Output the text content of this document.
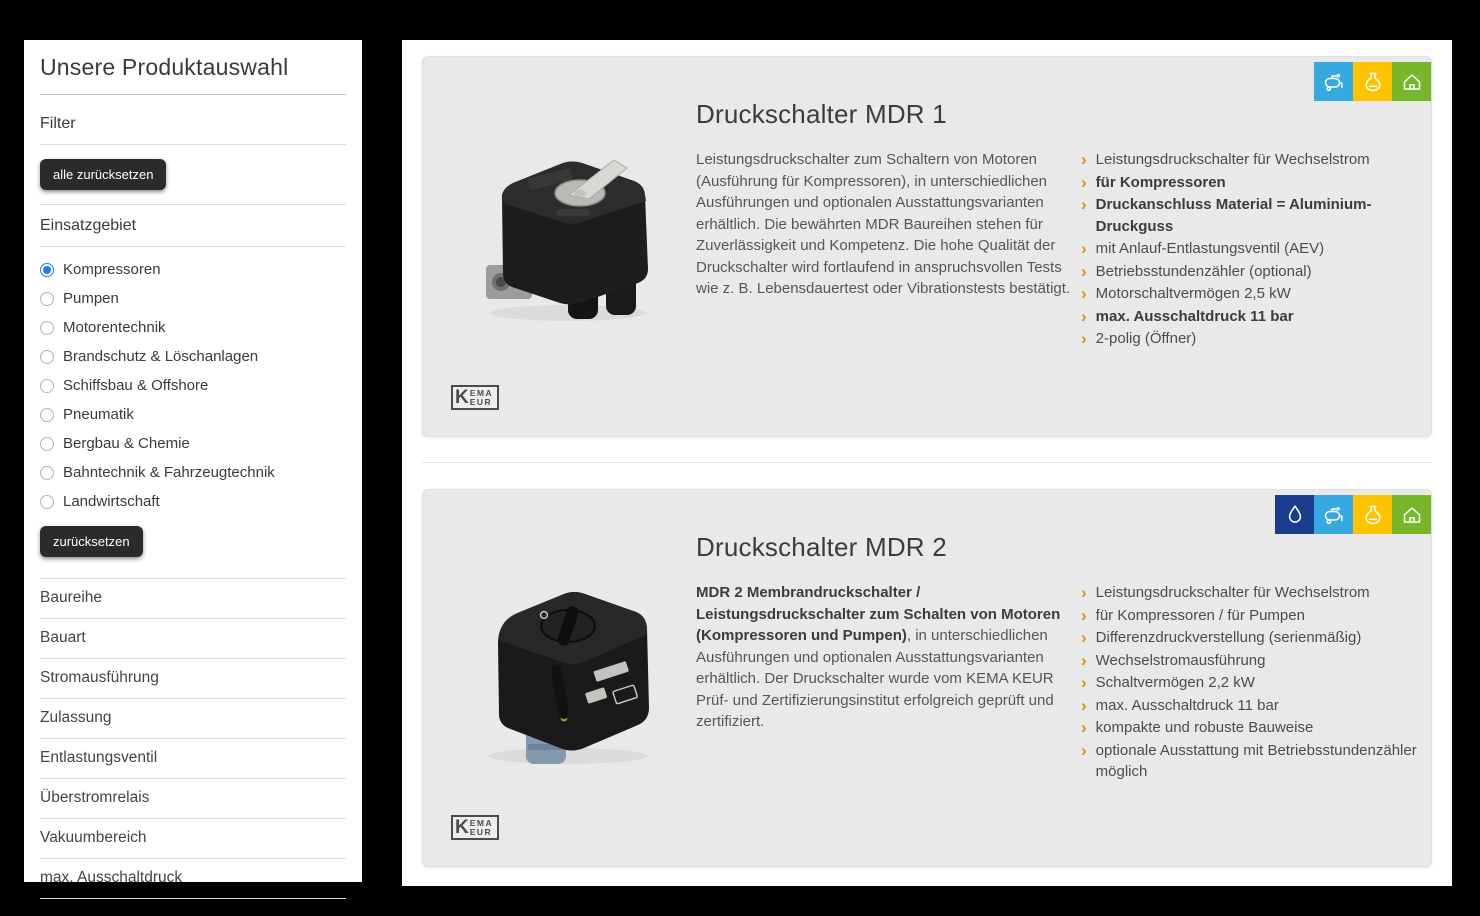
Unsere Produktauswahl
Filter
alle zurücksetzen
Einsatzgebiet
Kompressoren
Pumpen
Motorentechnik
Brandschutz & Löschanlagen
Schiffsbau & Offshore
Pneumatik
Bergbau & Chemie
Bahntechnik & Fahrzeugtechnik
Landwirtschaft
zurücksetzen
Baureihe
Bauart
Stromausführung
Zulassung
Entlastungsventil
Überstromrelais
Vakuumbereich
max. Ausschaltdruck
Druckschalter MDR 1

Leistungsdruckschalter zum Schaltern von Motoren (Ausführung für Kompressoren), in unterschiedlichen Ausführungen und optionalen Ausstattungsvarianten erhältlich. Die bewährten MDR Baureihen stehen für Zuverlässigkeit und Kompetenz. Die hohe Qualität der Druckschalter wird fortlaufend in anspruchsvollen Tests wie z. B. Lebensdauertest oder Vibrationstests bestätigt.

› Leistungsdruckschalter für Wechselstrom
› für Kompressoren
› Druckanschluss Material = Aluminium-Druckguss
› mit Anlauf-Entlastungsventil (AEV)
› Betriebsstundenzähler (optional)
› Motorschaltvermögen 2,5 kW
› max. Ausschaltdruck 11 bar
› 2-polig (Öffner)
K EMA
EUR
Druckschalter MDR 2

MDR 2 Membrandruckschalter / Leistungsdruckschalter zum Schalten von Motoren (Kompressoren und Pumpen), in unterschiedlichen Ausführungen und optionalen Ausstattungsvarianten erhältlich. Der Druckschalter wurde vom KEMA KEUR Prüf- und Zertifizierungsinstitut erfolgreich geprüft und zertifiziert.

› Leistungsdruckschalter für Wechselstrom
› für Kompressoren / für Pumpen
› Differenzdruckverstellung (serienmäßig)
› Wechselstromausführung
› Schaltvermögen 2,2 kW
› max. Ausschaltdruck 11 bar
› kompakte und robuste Bauweise
› optionale Ausstattung mit Betriebsstundenzähler möglich
K EMA
EUR
